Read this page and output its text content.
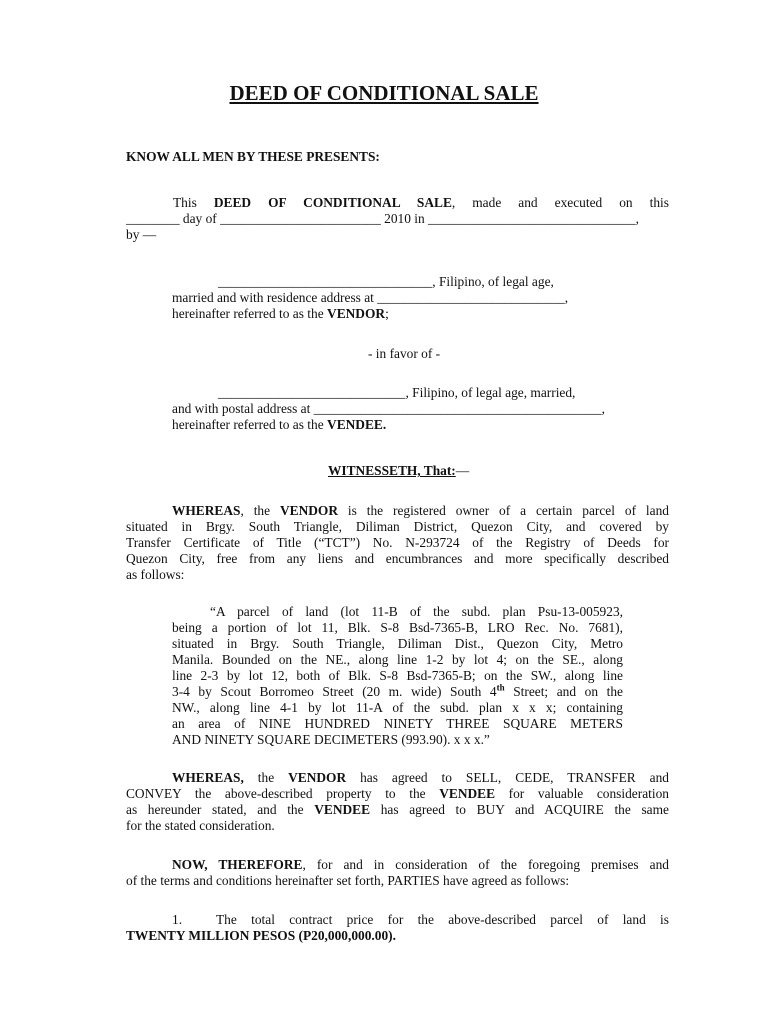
DEED OF CONDITIONAL SALE
KNOW ALL MEN BY THESE PRESENTS:
This DEED OF CONDITIONAL SALE, made and executed on this
________ day of ________________________ 2010 in _______________________________,
by —
________________________________, Filipino, of legal age,
married and with residence address at ____________________________,
hereinafter referred to as the VENDOR;
- in favor of -
____________________________, Filipino, of legal age, married,
and with postal address at ___________________________________________,
hereinafter referred to as the VENDEE.
WITNESSETH, That:—
WHEREAS, the VENDOR is the registered owner of a certain parcel of land
situated in Brgy. South Triangle, Diliman District, Quezon City, and covered by
Transfer Certificate of Title (“TCT”) No. N-293724 of the Registry of Deeds for
Quezon City, free from any liens and encumbrances and more specifically described
as follows:
“A parcel of land (lot 11-B of the subd. plan Psu-13-005923,
being a portion of lot 11, Blk. S-8 Bsd-7365-B, LRO Rec. No. 7681),
situated in Brgy. South Triangle, Diliman Dist., Quezon City, Metro
Manila. Bounded on the NE., along line 1-2 by lot 4; on the SE., along
line 2-3 by lot 12, both of Blk. S-8 Bsd-7365-B; on the SW., along line
3-4 by Scout Borromeo Street (20 m. wide) South 4th Street; and on the
NW., along line 4-1 by lot 11-A of the subd. plan x x x; containing
an area of NINE HUNDRED NINETY THREE SQUARE METERS
AND NINETY SQUARE DECIMETERS (993.90). x x x.”
WHEREAS, the VENDOR has agreed to SELL, CEDE, TRANSFER and
CONVEY the above-described property to the VENDEE for valuable consideration
as hereunder stated, and the VENDEE has agreed to BUY and ACQUIRE the same
for the stated consideration.
NOW, THEREFORE, for and in consideration of the foregoing premises and
of the terms and conditions hereinafter set forth, PARTIES have agreed as follows:
1.	The total contract price for the above-described parcel of land is
TWENTY MILLION PESOS (P20,000,000.00).
